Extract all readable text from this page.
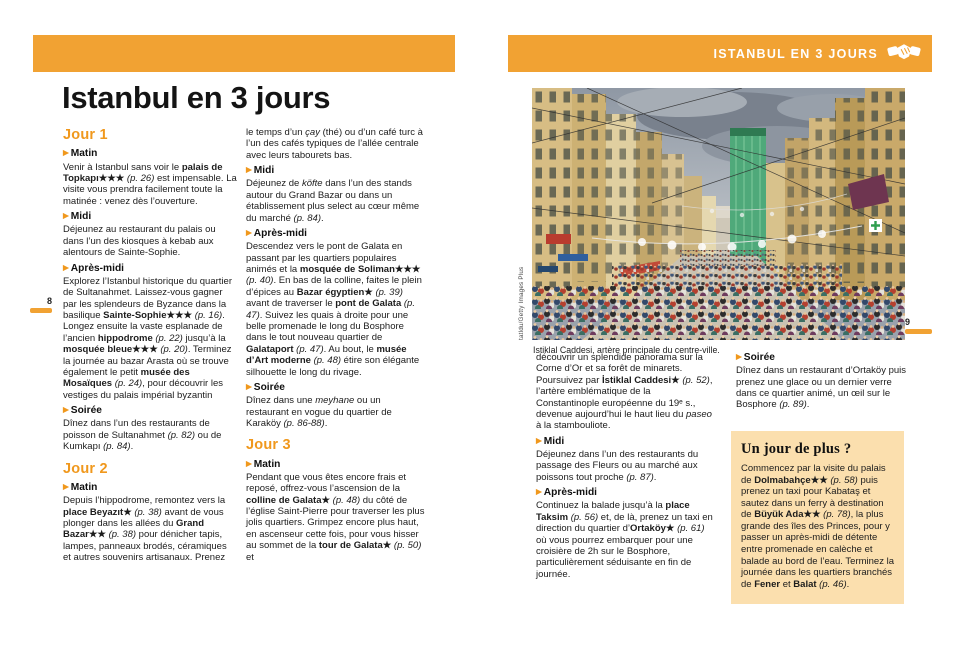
Istanbul en 3 jours
Jour 1
▶ Matin

Venir à Istanbul sans voir le palais de Topkapı★★★ (p. 26) est impensable. La visite vous prendra facilement toute la matinée : venez dès l’ouverture.

▶ Midi

Déjeunez au restaurant du palais ou dans l’un des kiosques à kebab aux alentours de Sainte-Sophie.

▶ Après-midi

Explorez l’Istanbul historique du quartier de Sultanahmet. Laissez-vous gagner par les splendeurs de Byzance dans la basilique Sainte-Sophie★★★ (p. 16). Longez ensuite la vaste esplanade de l’ancien hippodrome (p. 22) jusqu’à la mosquée bleue★★★ (p. 20). Terminez la journée au bazar Arasta où se trouve également le petit musée des Mosaïques (p. 24), pour découvrir les vestiges du palais impérial byzantin

▶ Soirée

Dînez dans l’un des restaurants de poisson de Sultanahmet (p. 82) ou de Kumkapı (p. 84).

Jour 2
▶ Matin

Depuis l’hippodrome, remontez vers la place Beyazıt★ (p. 38) avant de vous plonger dans les allées du Grand Bazar★★ (p. 38) pour dénicher tapis, lampes, panneaux brodés, céramiques et autres souvenirs artisanaux. Prenez

le temps d’un çay (thé) ou d’un café turc à l’un des cafés typiques de l’allée centrale avec leurs tabourets bas.

▶ Midi

Déjeunez de köfte dans l’un des stands autour du Grand Bazar ou dans un établissement plus select au cœur même du marché (p. 84).

▶ Après-midi

Descendez vers le pont de Galata en passant par les quartiers populaires animés et la mosquée de Soliman★★★ (p. 40). En bas de la colline, faites le plein d’épices au Bazar égyptien★ (p. 39) avant de traverser le pont de Galata (p. 47). Suivez les quais à droite pour une belle promenade le long du Bosphore dans le tout nouveau quartier de Galataport (p. 47). Au bout, le musée d’Art moderne (p. 48) étire son élégante silhouette le long du rivage.

▶ Soirée

Dînez dans une meyhane ou un restaurant en vogue du quartier de Karaköy (p. 86-88).

Jour 3
▶ Matin

Pendant que vous êtes encore frais et reposé, offrez-vous l’ascension de la colline de Galata★ (p. 48) du côté de l’église Saint-Pierre pour traverser les plus jolis quartiers. Grimpez encore plus haut, en ascenseur cette fois, pour vous hisser au sommet de la tour de Galata★ (p. 50) et

8
ISTANBUL EN 3 JOURS
tatldu/Getty Images Plus
Istiklal Caddesi, artère principale du centre-ville.

découvrir un splendide panorama sur la Corne d’Or et sa forêt de minarets. Poursuivez par İstiklal Caddesi★ (p. 52), l’artère emblématique de la Constantinople européenne du 19ᵉ s., devenue aujourd’hui le haut lieu du paseo à la stambouliote.

▶ Midi

Déjeunez dans l’un des restaurants du passage des Fleurs ou au marché aux poissons tout proche (p. 87).

▶ Après-midi

Continuez la balade jusqu’à la place Taksim (p. 56) et, de là, prenez un taxi en direction du quartier d’Ortaköy★ (p. 61) où vous pourrez embarquer pour une croisière de 2h sur le Bosphore, particulièrement séduisante en fin de journée.

▶ Soirée

Dînez dans un restaurant d’Ortaköy puis prenez une glace ou un dernier verre dans ce quartier animé, un œil sur le Bosphore (p. 89).

Un jour de plus ?

Commencez par la visite du palais de Dolmabahçe★★ (p. 58) puis prenez un taxi pour Kabataş et sautez dans un ferry à destination de Büyük Ada★★ (p. 78), la plus grande des îles des Princes, pour y passer un après-midi de détente entre promenade en calèche et balade au bord de l’eau. Terminez la journée dans les quartiers branchés de Fener et Balat (p. 46).

9
